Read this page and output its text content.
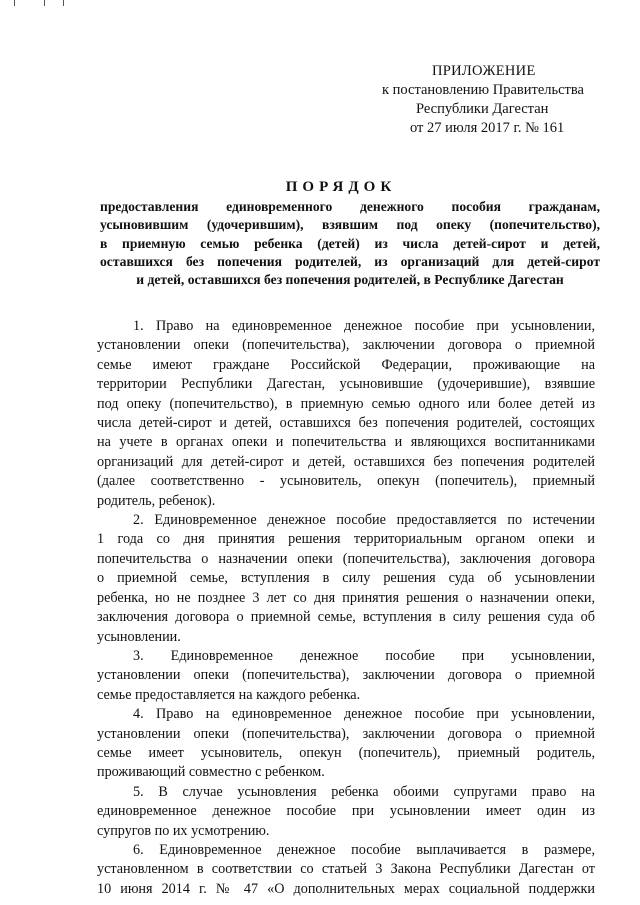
ПРИЛОЖЕНИЕ
к постановлению Правительства
Республики Дагестан
от 27 июля 2017 г. № 161
ПОРЯДОК
предоставления единовременного денежного пособия гражданам,
усыновившим (удочерившим), взявшим под опеку (попечительство),
в приемную семью ребенка (детей) из числа детей-сирот и детей,
оставшихся без попечения родителей, из организаций для детей-сирот
и детей, оставшихся без попечения родителей, в Республике Дагестан
1. Право на единовременное денежное пособие при усыновлении,
установлении опеки (попечительства), заключении договора о приемной
семье имеют граждане Российской Федерации, проживающие на
территории Республики Дагестан, усыновившие (удочерившие), взявшие
под опеку (попечительство), в приемную семью одного или более детей из
числа детей-сирот и детей, оставшихся без попечения родителей, состоящих
на учете в органах опеки и попечительства и являющихся воспитанниками
организаций для детей-сирот и детей, оставшихся без попечения родителей
(далее соответственно - усыновитель, опекун (попечитель), приемный
родитель, ребенок).
2. Единовременное денежное пособие предоставляется по истечении
1 года со дня принятия решения территориальным органом опеки и
попечительства о назначении опеки (попечительства), заключения договора
о приемной семье, вступления в силу решения суда об усыновлении
ребенка, но не позднее 3 лет со дня принятия решения о назначении опеки,
заключения договора о приемной семье, вступления в силу решения суда об
усыновлении.
3. Единовременное денежное пособие при усыновлении,
установлении опеки (попечительства), заключении договора о приемной
семье предоставляется на каждого ребенка.
4. Право на единовременное денежное пособие при усыновлении,
установлении опеки (попечительства), заключении договора о приемной
семье имеет усыновитель, опекун (попечитель), приемный родитель,
проживающий совместно с ребенком.
5. В случае усыновления ребенка обоими супругами право на
единовременное денежное пособие при усыновлении имеет один из
супругов по их усмотрению.
6. Единовременное денежное пособие выплачивается в размере,
установленном в соответствии со статьей 3 Закона Республики Дагестан от
10 июня 2014 г. № 47 «О дополнительных мерах социальной поддержки
